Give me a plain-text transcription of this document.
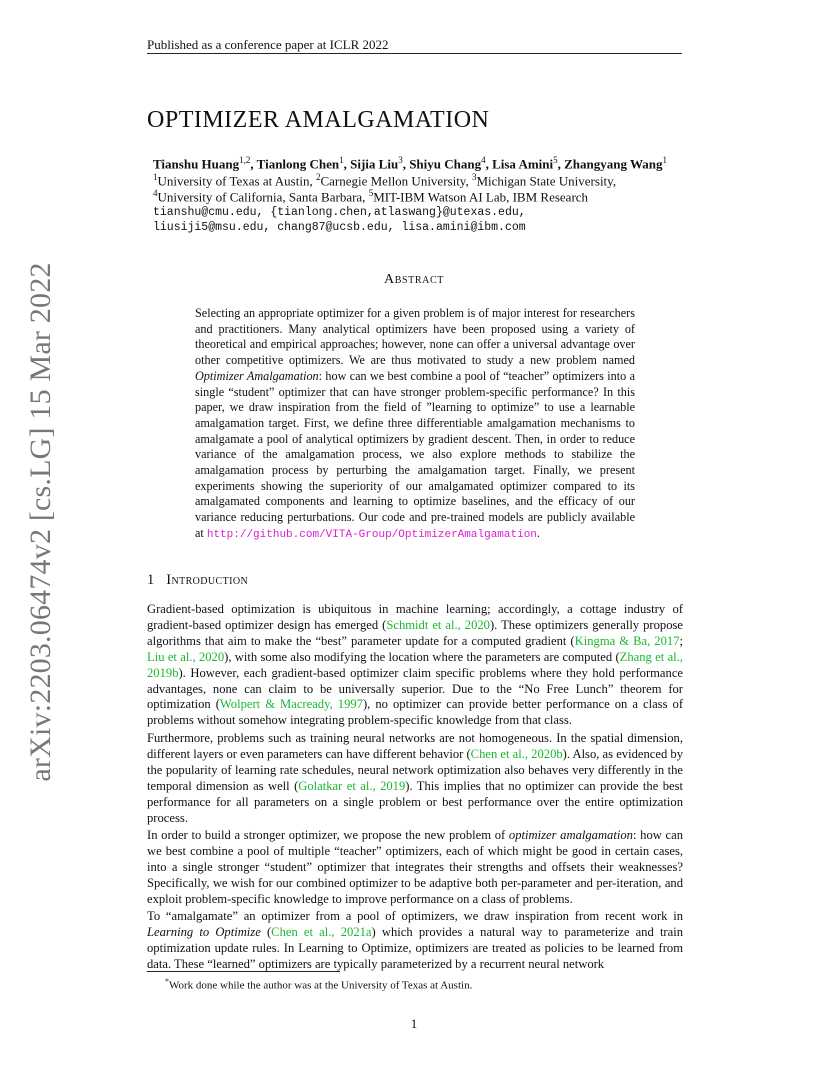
Published as a conference paper at ICLR 2022
arXiv:2203.06474v2 [cs.LG] 15 Mar 2022
OPTIMIZER AMALGAMATION
Tianshu Huang$^{1,2}$, Tianlong Chen$^1$, Sijia Liu$^3$, Shiyu Chang$^4$, Lisa Amini$^5$, Zhangyang Wang$^1$
$^1$University of Texas at Austin, $^2$Carnegie Mellon University, $^3$Michigan State University,
$^4$University of California, Santa Barbara, $^5$MIT-IBM Watson AI Lab, IBM Research
tianshu@cmu.edu, {tianlong.chen,atlaswang}@utexas.edu,
liusiji5@msu.edu, chang87@ucsb.edu, lisa.amini@ibm.com
Abstract
Selecting an appropriate optimizer for a given problem is of major interest for researchers and practitioners. Many analytical optimizers have been proposed using a variety of theoretical and empirical approaches; however, none can offer a universal advantage over other competitive optimizers. We are thus motivated to study a new problem named Optimizer Amalgamation: how can we best combine a pool of “teacher” optimizers into a single “student” optimizer that can have stronger problem-specific performance? In this paper, we draw inspiration from the field of ”learning to optimize” to use a learnable amalgamation target. First, we define three differentiable amalgamation mechanisms to amalgamate a pool of analytical optimizers by gradient descent. Then, in order to reduce variance of the amalgamation process, we also explore methods to stabilize the amalgamation process by perturbing the amalgamation target. Finally, we present experiments showing the superiority of our amalgamated optimizer compared to its amalgamated components and learning to optimize baselines, and the efficacy of our variance reducing perturbations. Our code and pre-trained models are publicly available at http://github.com/VITA-Group/OptimizerAmalgamation.
1 Introduction
Gradient-based optimization is ubiquitous in machine learning; accordingly, a cottage industry of gradient-based optimizer design has emerged (Schmidt et al., 2020). These optimizers generally propose algorithms that aim to make the “best” parameter update for a computed gradient (Kingma & Ba, 2017; Liu et al., 2020), with some also modifying the location where the parameters are computed (Zhang et al., 2019b). However, each gradient-based optimizer claim specific problems where they hold performance advantages, none can claim to be universally superior. Due to the “No Free Lunch” theorem for optimization (Wolpert & Macready, 1997), no optimizer can provide better performance on a class of problems without somehow integrating problem-specific knowledge from that class.
Furthermore, problems such as training neural networks are not homogeneous. In the spatial dimension, different layers or even parameters can have different behavior (Chen et al., 2020b). Also, as evidenced by the popularity of learning rate schedules, neural network optimization also behaves very differently in the temporal dimension as well (Golatkar et al., 2019). This implies that no optimizer can provide the best performance for all parameters on a single problem or best performance over the entire optimization process.
In order to build a stronger optimizer, we propose the new problem of optimizer amalgamation: how can we best combine a pool of multiple “teacher” optimizers, each of which might be good in certain cases, into a single stronger “student” optimizer that integrates their strengths and offsets their weaknesses? Specifically, we wish for our combined optimizer to be adaptive both per-parameter and per-iteration, and exploit problem-specific knowledge to improve performance on a class of problems.
To “amalgamate” an optimizer from a pool of optimizers, we draw inspiration from recent work in Learning to Optimize (Chen et al., 2021a) which provides a natural way to parameterize and train optimization update rules. In Learning to Optimize, optimizers are treated as policies to be learned from data. These “learned” optimizers are typically parameterized by a recurrent neural network
*Work done while the author was at the University of Texas at Austin.
1
